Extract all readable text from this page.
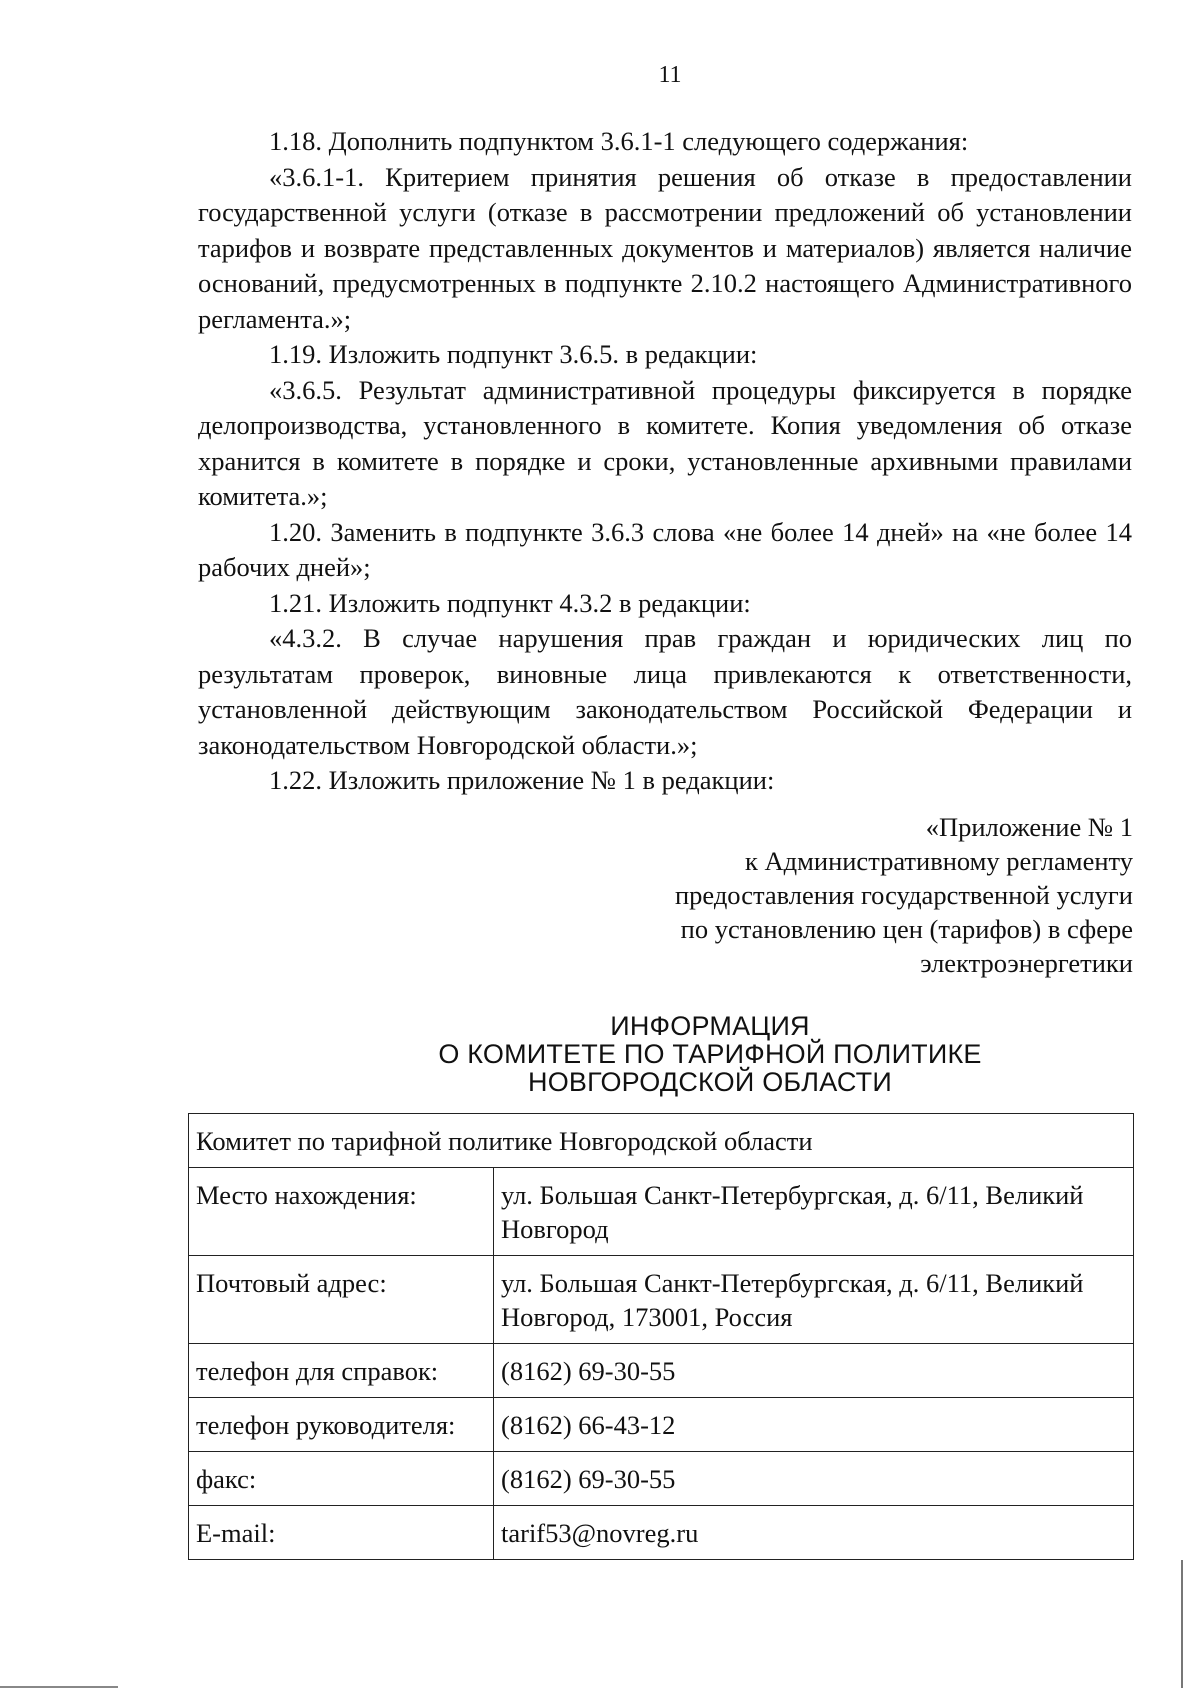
11

1.18. Дополнить подпунктом 3.6.1-1 следующего содержания:

«3.6.1-1. Критерием принятия решения об отказе в предоставлении государственной услуги (отказе в рассмотрении предложений об установлении тарифов и возврате представленных документов и материалов) является наличие оснований, предусмотренных в подпункте 2.10.2 настоящего Административного регламента.»;

1.19. Изложить подпункт 3.6.5. в редакции:

«3.6.5. Результат административной процедуры фиксируется в порядке делопроизводства, установленного в комитете. Копия уведомления об отказе хранится в комитете в порядке и сроки, установленные архивными правилами комитета.»;

1.20. Заменить в подпункте 3.6.3 слова «не более 14 дней» на «не более 14 рабочих дней»;

1.21. Изложить подпункт 4.3.2 в редакции:

«4.3.2. В случае нарушения прав граждан и юридических лиц по результатам проверок, виновные лица привлекаются к ответственности, установленной действующим законодательством Российской Федерации и законодательством Новгородской области.»;

1.22. Изложить приложение № 1 в редакции:

«Приложение № 1
к Административному регламенту
предоставления государственной услуги
по установлению цен (тарифов) в сфере
электроэнергетики
ИНФОРМАЦИЯ
О КОМИТЕТЕ ПО ТАРИФНОЙ ПОЛИТИКЕ
НОВГОРОДСКОЙ ОБЛАСТИ
Комитет по тарифной политике Новгородской области	
Место нахождения:	ул. Большая Санкт-Петербургская, д. 6/11, Великий Новгород
Почтовый адрес:	ул. Большая Санкт-Петербургская, д. 6/11, Великий Новгород, 173001, Россия
телефон для справок:	(8162) 69-30-55
телефон руководителя:	(8162) 66-43-12
факс:	(8162) 69-30-55
E-mail:	tarif53@novreg.ru
